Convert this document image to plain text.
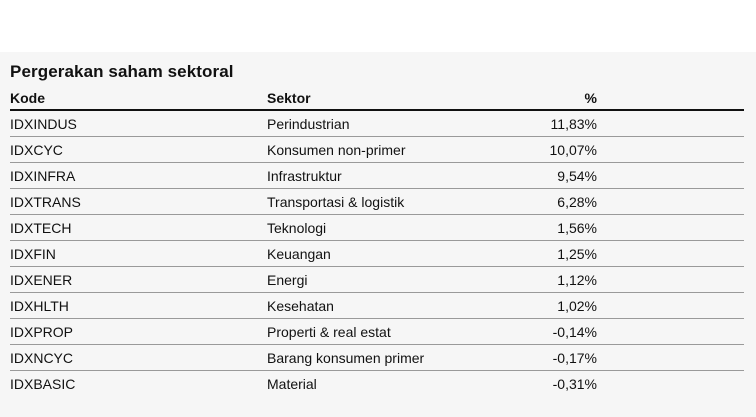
Pergerakan saham sektoral
Kode	Sektor	%
IDXINDUS	Perindustrian	11,83%
IDXCYC	Konsumen non-primer	10,07%
IDXINFRA	Infrastruktur	9,54%
IDXTRANS	Transportasi & logistik	6,28%
IDXTECH	Teknologi	1,56%
IDXFIN	Keuangan	1,25%
IDXENER	Energi	1,12%
IDXHLTH	Kesehatan	1,02%
IDXPROP	Properti & real estat	-0,14%
IDXNCYC	Barang konsumen primer	-0,17%
IDXBASIC	Material	-0,31%
